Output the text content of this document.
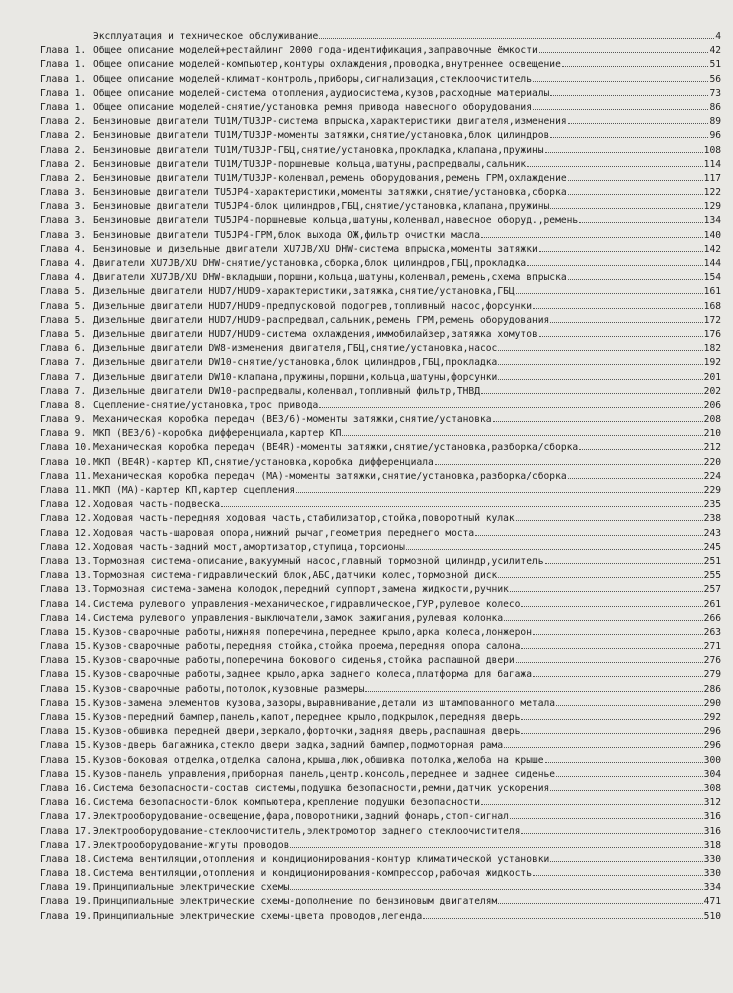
Эксплуатация и техническое обслуживание	4
Глава 1. Общее описание моделей+рестайлинг 2000 года-идентификация,заправочные ёмкости	42
Глава 1. Общее описание моделей-компьютер,контуры охлаждения,проводка,внутреннее освещение	51
Глава 1. Общее описание моделей-климат-контроль,приборы,сигнализация,стеклоочиститель	56
Глава 1. Общее описание моделей-система отопления,аудиосистема,кузов,расходные материалы	73
Глава 1. Общее описание моделей-снятие/установка ремня привода навесного оборудования	86
Глава 2. Бензиновые двигатели TU1M/TU3JP-система впрыска,характеристики двигателя,изменения	89
Глава 2. Бензиновые двигатели TU1M/TU3JP-моменты затяжки,снятие/установка,блок цилиндров	96
Глава 2. Бензиновые двигатели TU1M/TU3JP-ГБЦ,снятие/установка,прокладка,клапана,пружины	108
Глава 2. Бензиновые двигатели TU1M/TU3JP-поршневые кольца,шатуны,распредвалы,сальник	114
Глава 2. Бензиновые двигатели TU1M/TU3JP-коленвал,ремень оборудования,ремень ГРМ,охлаждение	117
Глава 3. Бензиновые двигатели TU5JP4-характеристики,моменты затяжки,снятие/установка,сборка	122
Глава 3. Бензиновые двигатели TU5JP4-блок цилиндров,ГБЦ,снятие/установка,клапана,пружины	129
Глава 3. Бензиновые двигатели TU5JP4-поршневые кольца,шатуны,коленвал,навесное оборуд.,ремень	134
Глава 3. Бензиновые двигатели TU5JP4-ГРМ,блок выхода ОЖ,фильтр очистки масла	140
Глава 4. Бензиновые и дизельные двигатели XU7JB/XU DHW-система впрыска,моменты затяжки	142
Глава 4. Двигатели XU7JB/XU DHW-снятие/установка,сборка,блок цилиндров,ГБЦ,прокладка	144
Глава 4. Двигатели XU7JB/XU DHW-вкладыши,поршни,кольца,шатуны,коленвал,ремень,схема впрыска	154
Глава 5. Дизельные двигатели HUD7/HUD9-характеристики,затяжка,снятие/установка,ГБЦ	161
Глава 5. Дизельные двигатели HUD7/HUD9-предпусковой подогрев,топливный насос,форсунки	168
Глава 5. Дизельные двигатели HUD7/HUD9-распредвал,сальник,ремень ГРМ,ремень оборудования	172
Глава 5. Дизельные двигатели HUD7/HUD9-система охлаждения,иммобилайзер,затяжка хомутов	176
Глава 6. Дизельные двигатели DW8-изменения двигателя,ГБЦ,снятие/установка,насос	182
Глава 7. Дизельные двигатели DW10-снятие/установка,блок цилиндров,ГБЦ,прокладка	192
Глава 7. Дизельные двигатели DW10-клапана,пружины,поршни,кольца,шатуны,форсунки	201
Глава 7. Дизельные двигатели DW10-распредвалы,коленвал,топливный фильтр,ТНВД	202
Глава 8. Сцепление-снятие/установка,трос привода	206
Глава 9. Механическая коробка передач (BE3/6)-моменты затяжки,снятие/установка	208
Глава 9. МКП (BE3/6)-коробка дифференциала,картер КП	210
Глава 10. Механическая коробка передач (BE4R)-моменты затяжки,снятие/установка,разборка/сборка	212
Глава 10. МКП (BE4R)-картер КП,снятие/установка,коробка дифференциала	220
Глава 11. Механическая коробка передач (МА)-моменты затяжки,снятие/установка,разборка/сборка	224
Глава 11. МКП (МА)-картер КП,картер сцепления	229
Глава 12. Ходовая часть-подвеска	235
Глава 12. Ходовая часть-передняя ходовая часть,стабилизатор,стойка,поворотный кулак	238
Глава 12. Ходовая часть-шаровая опора,нижний рычаг,геометрия переднего моста	243
Глава 12. Ходовая часть-задний мост,амортизатор,ступица,торсионы	245
Глава 13. Тормозная система-описание,вакуумный насос,главный тормозной цилиндр,усилитель	251
Глава 13. Тормозная система-гидравлический блок,АБС,датчики колес,тормозной диск	255
Глава 13. Тормозная система-замена колодок,передний суппорт,замена жидкости,ручник	257
Глава 14. Система рулевого управления-механическое,гидравлическое,ГУР,рулевое колесо	261
Глава 14. Система рулевого управления-выключатели,замок зажигания,рулевая колонка	266
Глава 15. Кузов-сварочные работы,нижняя поперечина,переднее крыло,арка колеса,лонжерон	263
Глава 15. Кузов-сварочные работы,передняя стойка,стойка проема,передняя опора салона	271
Глава 15. Кузов-сварочные работы,поперечина бокового сиденья,стойка распашной двери	276
Глава 15. Кузов-сварочные работы,заднее крыло,арка заднего колеса,платформа для багажа	279
Глава 15. Кузов-сварочные работы,потолок,кузовные размеры	286
Глава 15. Кузов-замена элементов кузова,зазоры,выравнивание,детали из штампованного метала	290
Глава 15. Кузов-передний бампер,панель,капот,переднее крыло,подкрылок,передняя дверь	292
Глава 15. Кузов-обшивка передней двери,зеркало,форточки,задняя дверь,распашная дверь	296
Глава 15. Кузов-дверь багажника,стекло двери задка,задний бампер,подмоторная рама	296
Глава 15. Кузов-боковая отделка,отделка салона,крыша,люк,обшивка потолка,желоба на крыше	300
Глава 15. Кузов-панель управления,приборная панель,центр.консоль,переднее и заднее сиденье	304
Глава 16. Система безопасности-состав системы,подушка безопасности,ремни,датчик ускорения	308
Глава 16. Система безопасности-блок компьютера,крепление подушки безопасности	312
Глава 17. Электрооборудование-освещение,фара,поворотники,задний фонарь,стоп-сигнал	316
Глава 17. Электрооборудование-стеклоочиститель,электромотор заднего стеклоочистителя	316
Глава 17. Электрооборудование-жгуты проводов	318
Глава 18. Система вентиляции,отопления и кондиционирования-контур климатической установки	330
Глава 18. Система вентиляции,отопления и кондиционирования-компрессор,рабочая жидкость	330
Глава 19. Принципиальные электрические схемы	334
Глава 19. Принципиальные электрические схемы-дополнение по бензиновым двигателям	471
Глава 19. Принципиальные электрические схемы-цвета проводов,легенда	510
